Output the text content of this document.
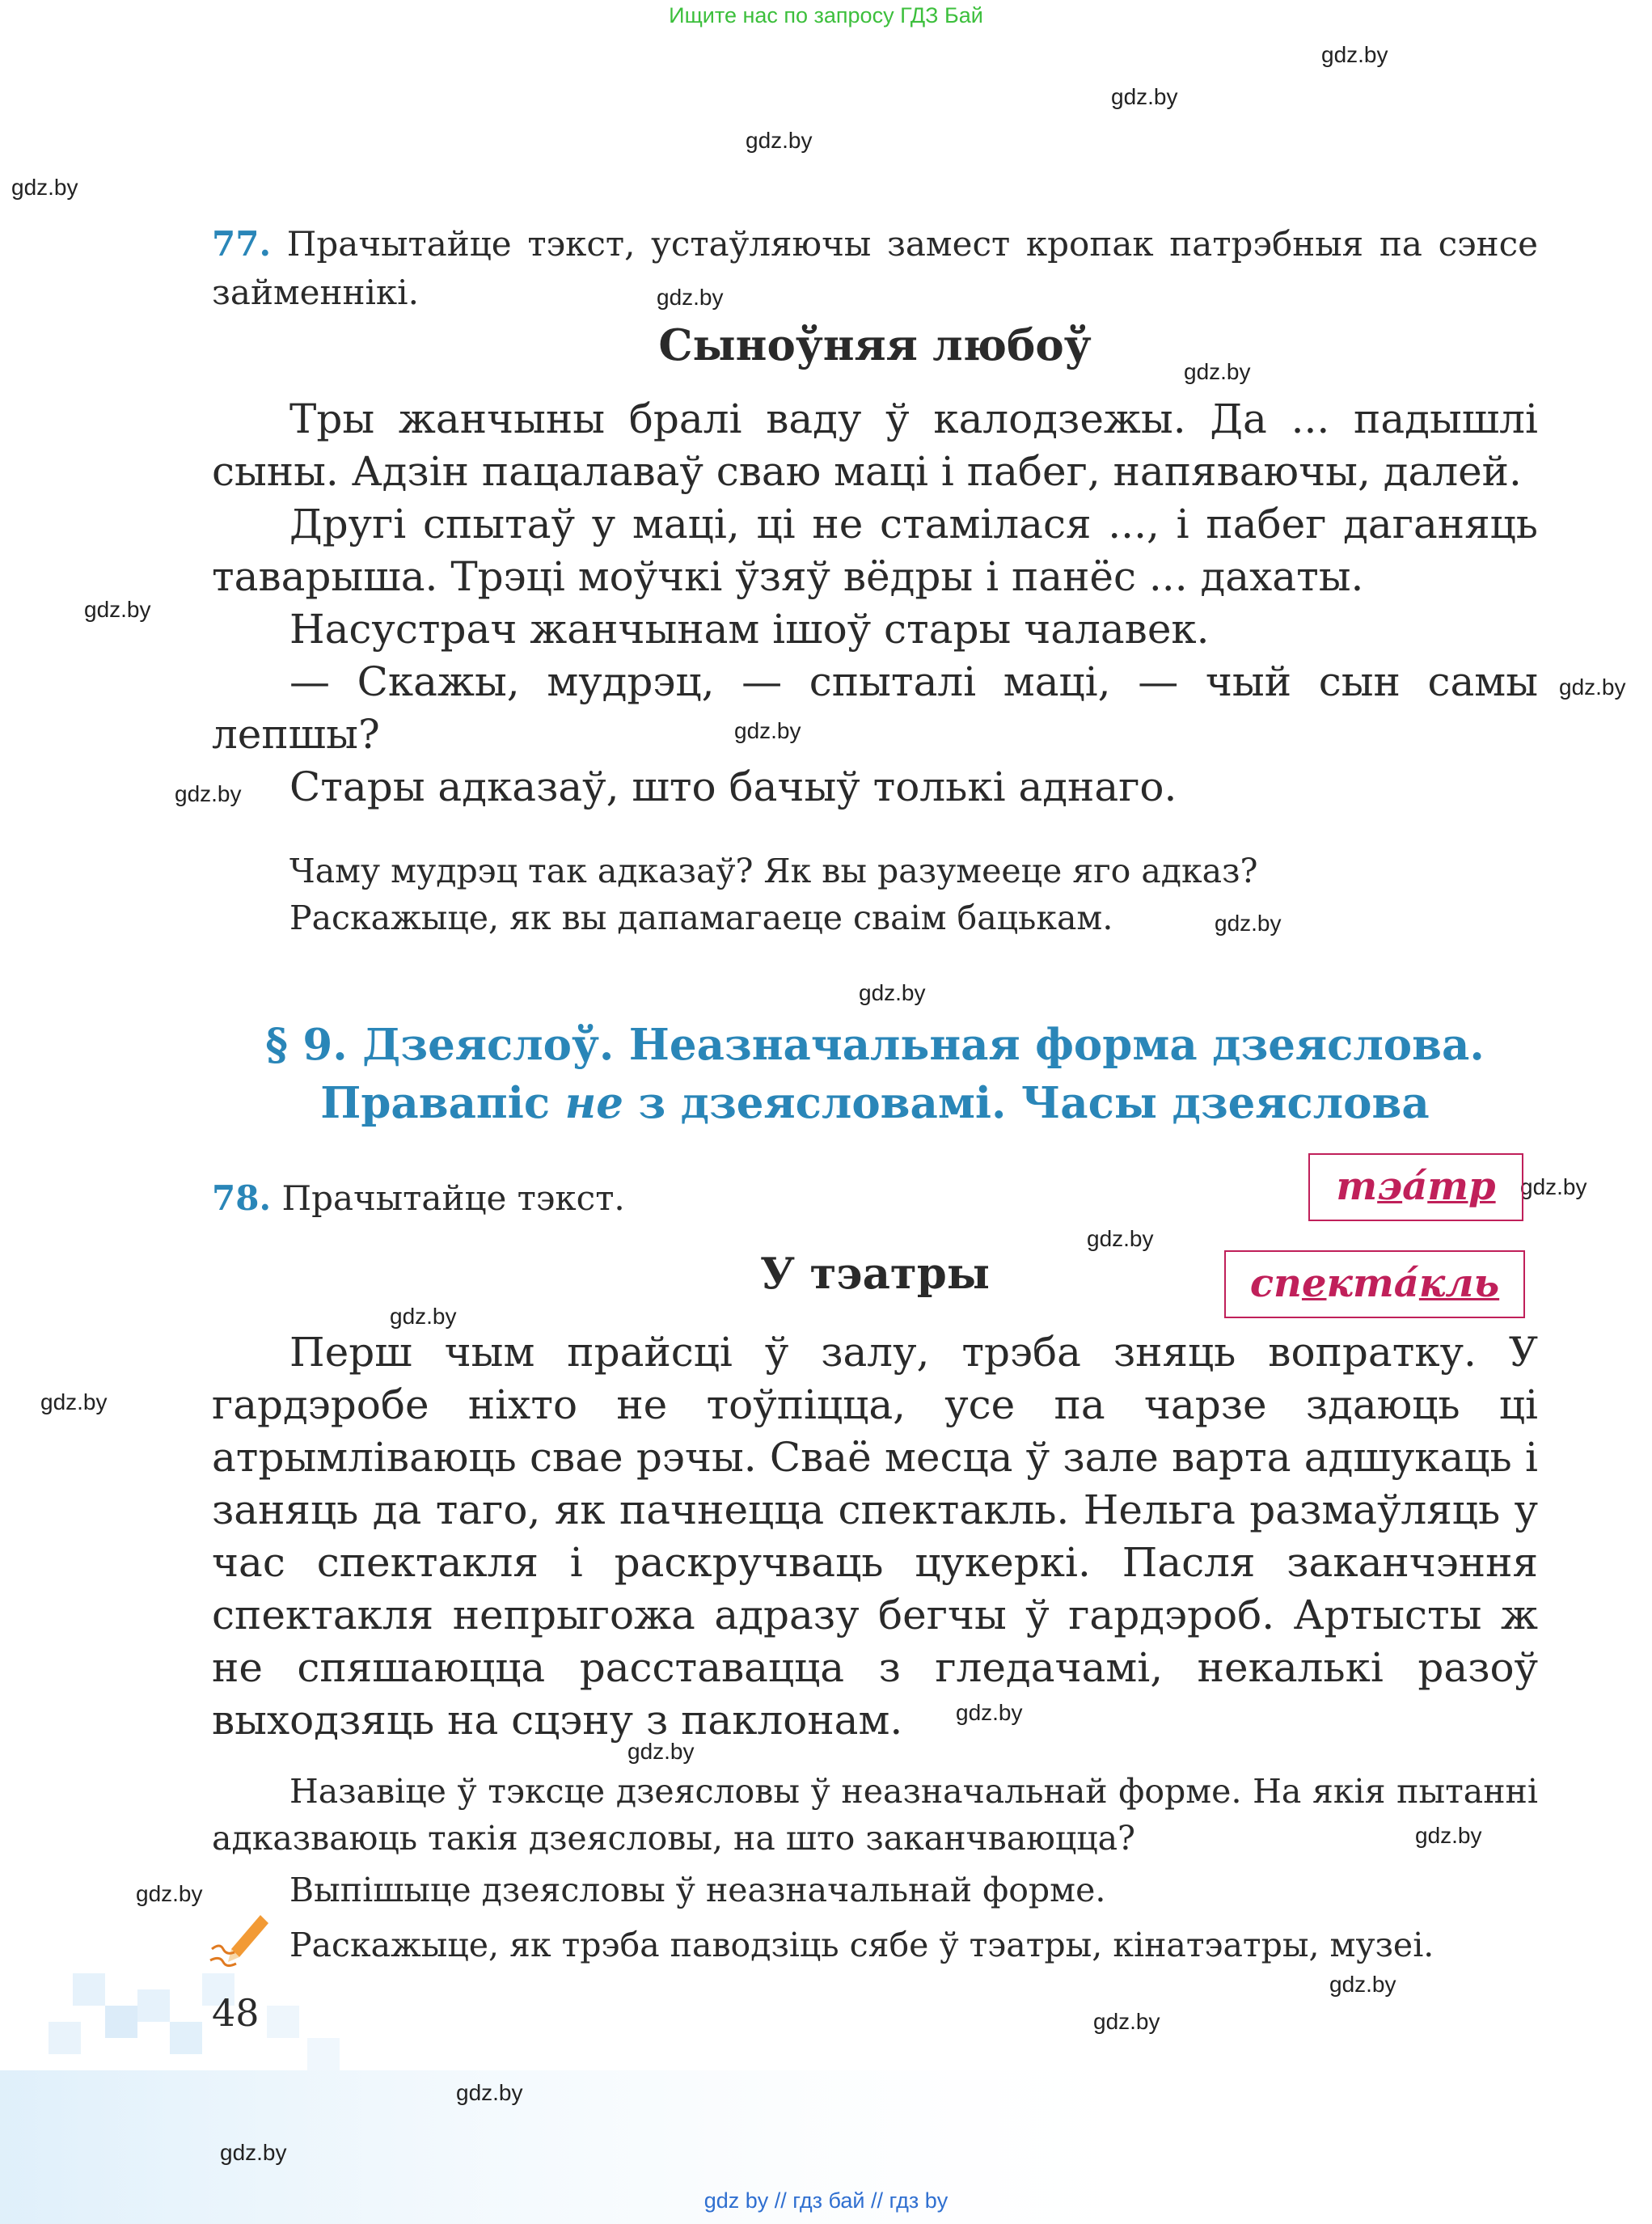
Ищите нас по запросу ГДЗ Бай
gdz.by
gdz.by
gdz.by
gdz.by
gdz.by
gdz.by
gdz.by
gdz.by
gdz.by
gdz.by
gdz.by
gdz.by
gdz.by
gdz.by
gdz.by
gdz.by
gdz.by
gdz.by
gdz.by
gdz.by
gdz.by
gdz.by
gdz.by
gdz.by
77. Прачытайце тэкст, устаўляючы замест кропак патрэбныя па сэнсе займеннікі.
Сыноўняя любоў

Тры жанчыны бралі ваду ў калодзежы. Да ... падышлі сыны. Адзін пацалаваў сваю маці і пабег, напяваючы, далей.

Другі спытаў у маці, ці не стамілася ..., і пабег даганяць таварыша. Трэці моўчкі ўзяў вёдры і панёс ... дахаты.

Насустрач жанчынам ішоў стары чалавек.

— Скажы, мудрэц, — спыталі маці, — чый сын самы лепшы?

Стары адказаў, што бачыў толькі аднаго.

Чаму мудрэц так адказаў? Як вы разумееце яго адказ?

Раскажыце, як вы дапамагаеце сваім бацькам.

§ 9. Дзеяслоў. Неазначальная форма дзеяслова.
Правапіс не з дзеясловамі. Часы дзеяслова
78. Прачытайце тэкст.	тэа́тр
спекта́кль
У тэатры

Перш чым прайсці ў залу, трэба зняць вопратку. У гардэробе ніхто не тоўпіцца, усе па чарзе здаюць ці атрымліваюць свае рэчы. Сваё месца ў зале варта адшукаць і заняць да таго, як пачнецца спектакль. Нельга размаўляць у час спектакля і раскручваць цукеркі. Пасля заканчэння спектакля непрыгожа адразу бегчы ў гардэроб. Артысты ж не спяшаюцца расставацца з гледачамі, некалькі разоў выходзяць на сцэну з паклонам.

Назавіце ў тэксце дзеясловы ў неазначальнай форме. На якія пытанні адказваюць такія дзеясловы, на што заканчваюцца?

Выпішыце дзеясловы ў неазначальнай форме.

Раскажыце, як трэба паводзіць сябе ў тэатры, кінатэатры, музеі.

48
gdz by // гдз бай // гдз by
